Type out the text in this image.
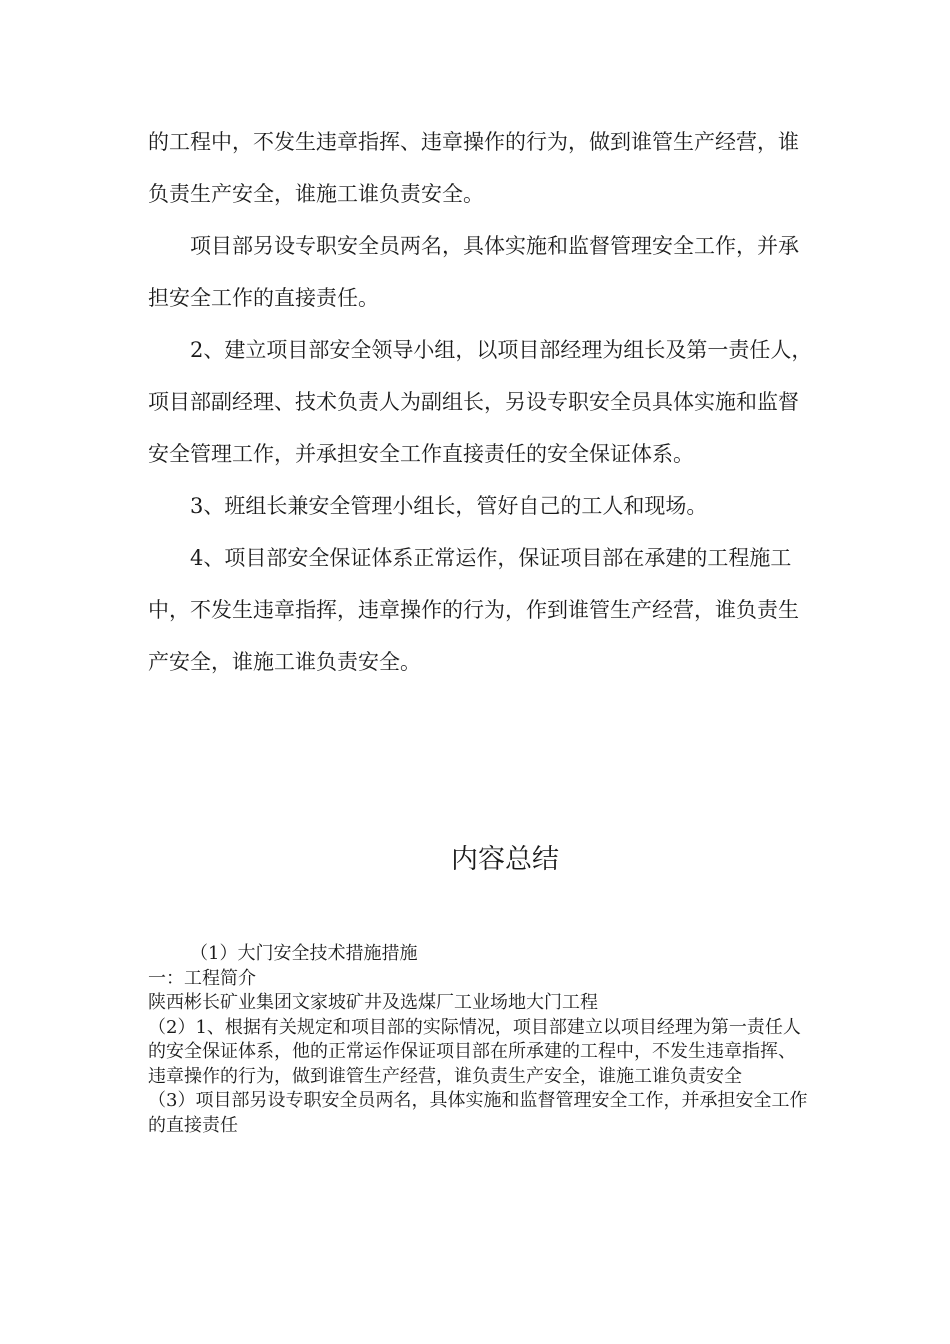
的工程中，不发生违章指挥、违章操作的行为，做到谁管生产经营，谁负责生产安全，谁施工谁负责安全。

项目部另设专职安全员两名，具体实施和监督管理安全工作，并承担安全工作的直接责任。

2、建立项目部安全领导小组，以项目部经理为组长及第一责任人，项目部副经理、技术负责人为副组长，另设专职安全员具体实施和监督安全管理工作，并承担安全工作直接责任的安全保证体系。

3、班组长兼安全管理小组长，管好自己的工人和现场。

4、项目部安全保证体系正常运作，保证项目部在承建的工程施工中，不发生违章指挥，违章操作的行为，作到谁管生产经营，谁负责生产安全，谁施工谁负责安全。

内容总结
（1）大门安全技术措施措施
一：工程简介
陕西彬长矿业集团文家坡矿井及选煤厂工业场地大门工程
（2）1、根据有关规定和项目部的实际情况，项目部建立以项目经理为第一责任人的安全保证体系，他的正常运作保证项目部在所承建的工程中，不发生违章指挥、违章操作的行为，做到谁管生产经营，谁负责生产安全，谁施工谁负责安全
（3）项目部另设专职安全员两名，具体实施和监督管理安全工作，并承担安全工作的直接责任
